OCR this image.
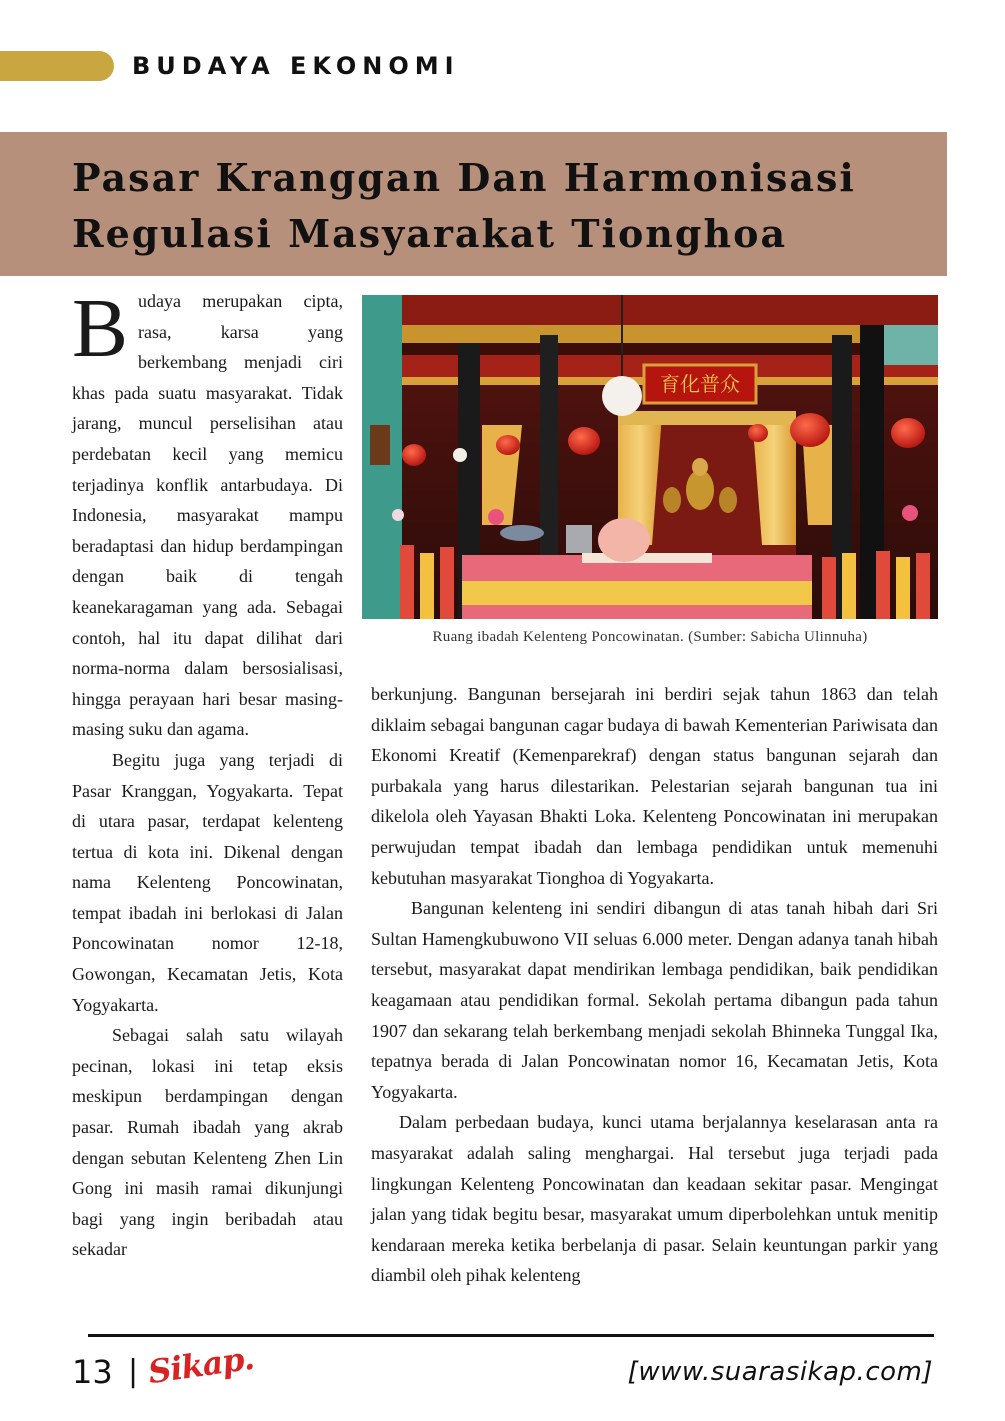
BUDAYA EKONOMI
Pasar Kranggan Dan Harmonisasi
Regulasi Masyarakat Tionghoa

Budaya merupakan cipta, rasa, karsa yang berkembang menjadi ciri khas pada suatu masyarakat. Tidak jarang, muncul perselisihan atau perdebatan kecil yang memicu terjadinya konflik antarbudaya. Di Indonesia, masyarakat mampu beradaptasi dan hidup berdampingan dengan baik di tengah keanekaragaman yang ada. Sebagai contoh, hal itu dapat dilihat dari norma-norma dalam bersosialisasi, hingga perayaan hari besar masing-masing suku dan agama.

Begitu juga yang terjadi di Pasar Kranggan, Yogyakarta. Tepat di utara pasar, terdapat kelenteng tertua di kota ini. Dikenal dengan nama Kelenteng Poncowinatan, tempat ibadah ini berlokasi di Jalan Poncowinatan nomor 12-18, Gowongan, Kecamatan Jetis, Kota Yogyakarta.

Sebagai salah satu wilayah pecinan, lokasi ini tetap eksis meskipun berdampingan dengan pasar. Rumah ibadah yang akrab dengan sebutan Kelenteng Zhen Lin Gong ini masih ramai dikunjungi bagi yang ingin beribadah atau sekadar

育化普众
Ruang ibadah Kelenteng Poncowinatan. (Sumber: Sabicha Ulinnuha)

berkunjung. Bangunan bersejarah ini berdiri sejak tahun 1863 dan telah diklaim sebagai bangunan cagar budaya di bawah Kementerian Pariwisata dan Ekonomi Kreatif (Kemenparekraf) dengan status bangunan sejarah dan purbakala yang harus dilestarikan. Pelestarian sejarah bangunan tua ini dikelola oleh Yayasan Bhakti Loka. Kelenteng Poncowinatan ini merupakan perwujudan tempat ibadah dan lembaga pendidikan untuk memenuhi kebutuhan masyarakat Tionghoa di Yogyakarta.

Bangunan kelenteng ini sendiri dibangun di atas tanah hibah dari Sri Sultan Hamengkubuwono VII seluas 6.000 meter. Dengan adanya tanah hibah tersebut, masyarakat dapat mendirikan lembaga pendidikan, baik pendidikan keagamaan atau pendidikan formal. Sekolah pertama dibangun pada tahun 1907 dan sekarang telah berkembang menjadi sekolah Bhinneka Tunggal Ika, tepatnya berada di Jalan Poncowinatan nomor 16, Kecamatan Jetis, Kota Yogyakarta.

Dalam perbedaan budaya, kunci utama berjalannya keselarasan anta ra masyarakat adalah saling menghargai. Hal tersebut juga terjadi pada lingkungan Kelenteng Poncowinatan dan keadaan sekitar pasar. Mengingat jalan yang tidak begitu besar, masyarakat umum diperbolehkan untuk menitip kendaraan mereka ketika berbelanja di pasar. Selain keuntungan parkir yang diambil oleh pihak kelenteng

13 | Sikap.	[www.suarasikap.com]
